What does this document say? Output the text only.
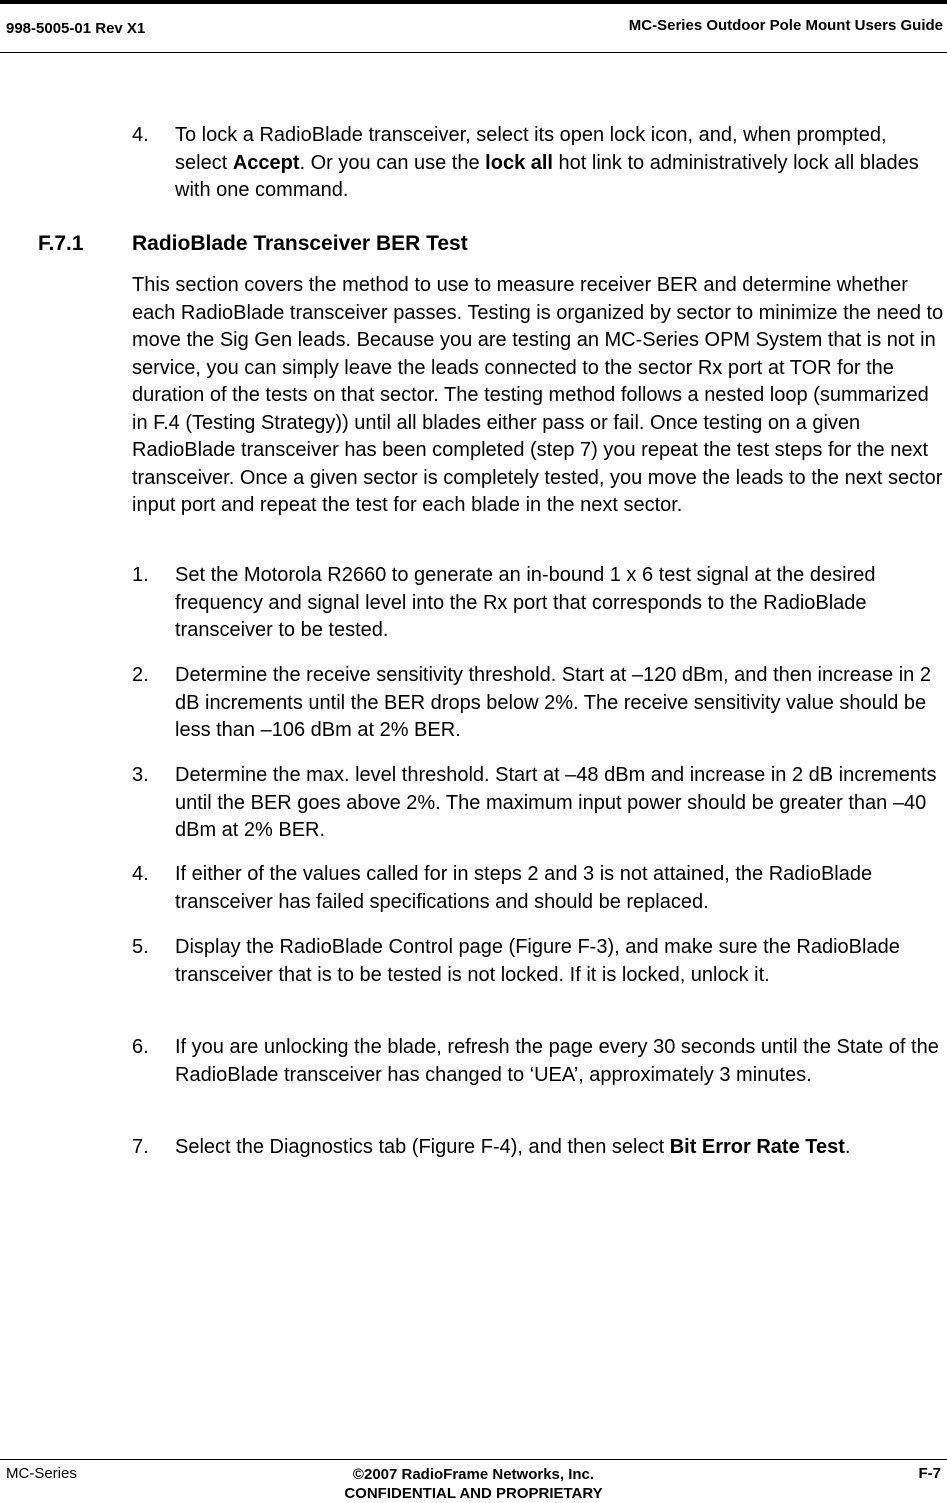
998-5005-01 Rev X1	MC-Series Outdoor Pole Mount Users Guide
4. To lock a RadioBlade transceiver, select its open lock icon, and, when prompted, select Accept. Or you can use the lock all hot link to administratively lock all blades with one command.
F.7.1 RadioBlade Transceiver BER Test
This section covers the method to use to measure receiver BER and determine whether each RadioBlade transceiver passes. Testing is organized by sector to minimize the need to move the Sig Gen leads. Because you are testing an MC-Series OPM System that is not in service, you can simply leave the leads connected to the sector Rx port at TOR for the duration of the tests on that sector. The testing method follows a nested loop (summarized in F.4 (Testing Strategy)) until all blades either pass or fail. Once testing on a given RadioBlade transceiver has been completed (step 7) you repeat the test steps for the next transceiver. Once a given sector is completely tested, you move the leads to the next sector input port and repeat the test for each blade in the next sector.
1. Set the Motorola R2660 to generate an in-bound 1 x 6 test signal at the desired frequency and signal level into the Rx port that corresponds to the RadioBlade transceiver to be tested.
2. Determine the receive sensitivity threshold. Start at –120 dBm, and then increase in 2 dB increments until the BER drops below 2%. The receive sensitivity value should be less than –106 dBm at 2% BER.
3. Determine the max. level threshold. Start at –48 dBm and increase in 2 dB increments until the BER goes above 2%. The maximum input power should be greater than –40 dBm at 2% BER.
4. If either of the values called for in steps 2 and 3 is not attained, the RadioBlade transceiver has failed specifications and should be replaced.
5. Display the RadioBlade Control page (Figure F-3), and make sure the RadioBlade transceiver that is to be tested is not locked. If it is locked, unlock it.
6. If you are unlocking the blade, refresh the page every 30 seconds until the State of the RadioBlade transceiver has changed to ‘UEA’, approximately 3 minutes.
7. Select the Diagnostics tab (Figure F-4), and then select Bit Error Rate Test.
MC-Series	©2007 RadioFrame Networks, Inc.
CONFIDENTIAL AND PROPRIETARY
F-7
